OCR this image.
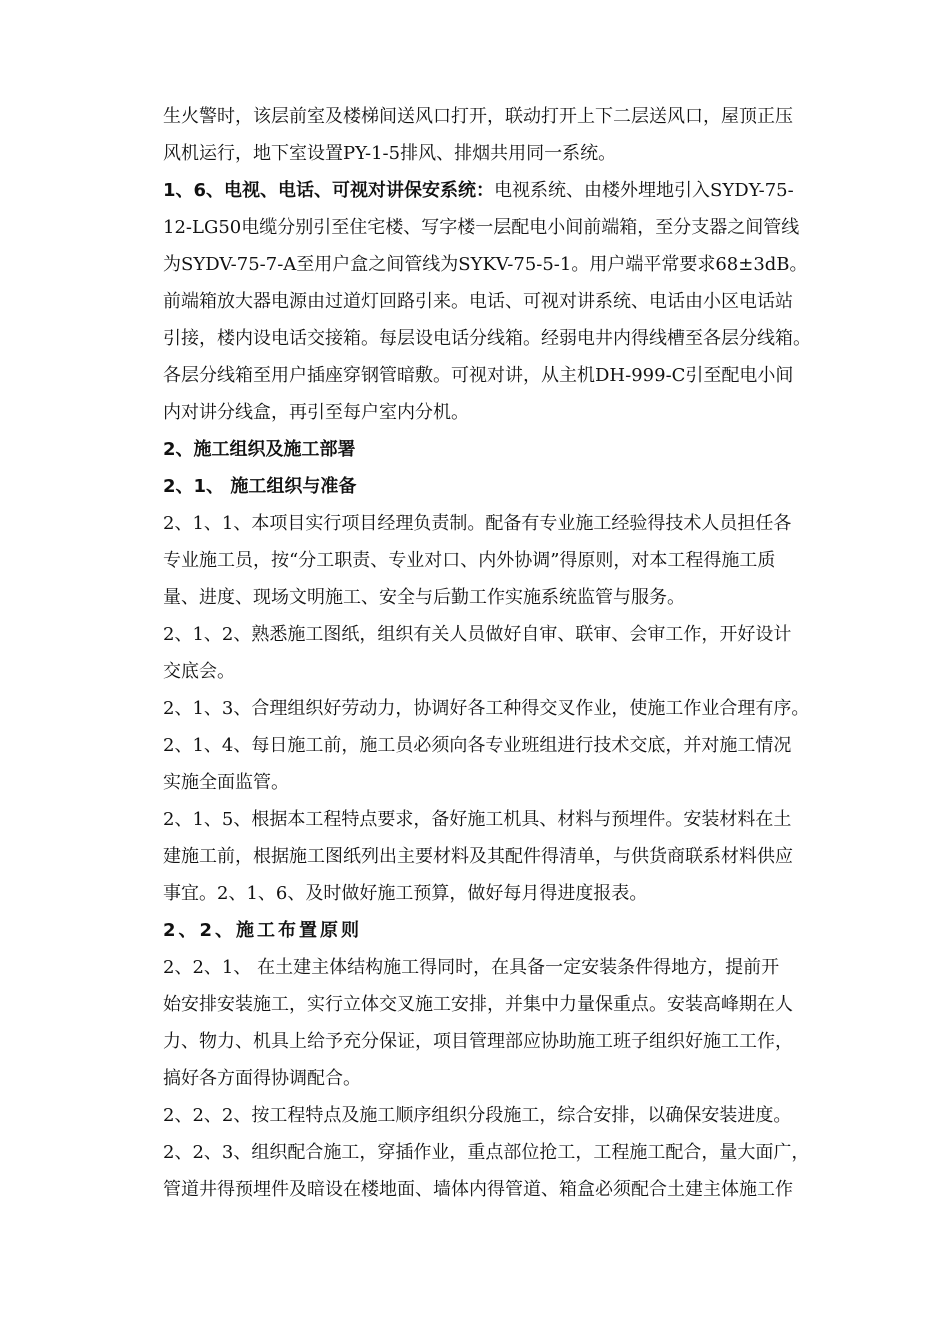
生火警时，该层前室及楼梯间送风口打开，联动打开上下二层送风口，屋顶正压
风机运行，地下室设置PY-1-5排风、排烟共用同一系统。
1、6、电视、电话、可视对讲保安系统：电视系统、由楼外埋地引入SYDY-75-
12-LG50电缆分别引至住宅楼、写字楼一层配电小间前端箱，至分支器之间管线
为SYDV-75-7-A至用户盒之间管线为SYKV-75-5-1。用户端平常要求68±3dB。
前端箱放大器电源由过道灯回路引来。电话、可视对讲系统、电话由小区电话站
引接，楼内设电话交接箱。每层设电话分线箱。经弱电井内得线槽至各层分线箱。
各层分线箱至用户插座穿钢管暗敷。可视对讲，从主机DH-999-C引至配电小间
内对讲分线盒，再引至每户室内分机。
2、施工组织及施工部署
2、1、 施工组织与准备
2、1、1、本项目实行项目经理负责制。配备有专业施工经验得技术人员担任各
专业施工员，按“分工职责、专业对口、内外协调”得原则，对本工程得施工质
量、进度、现场文明施工、安全与后勤工作实施系统监管与服务。
2、1、2、熟悉施工图纸，组织有关人员做好自审、联审、会审工作，开好设计
交底会。
2、1、3、合理组织好劳动力，协调好各工种得交叉作业，使施工作业合理有序。
2、1、4、每日施工前，施工员必须向各专业班组进行技术交底，并对施工情况
实施全面监管。
2、1、5、根据本工程特点要求，备好施工机具、材料与预埋件。安装材料在土
建施工前，根据施工图纸列出主要材料及其配件得清单，与供货商联系材料供应
事宜。2、1、6、及时做好施工预算，做好每月得进度报表。
2、2、施工布置原则
2、2、1、 在土建主体结构施工得同时，在具备一定安装条件得地方，提前开
始安排安装施工，实行立体交叉施工安排，并集中力量保重点。安装高峰期在人
力、物力、机具上给予充分保证，项目管理部应协助施工班子组织好施工工作，
搞好各方面得协调配合。
2、2、2、按工程特点及施工顺序组织分段施工，综合安排，以确保安装进度。
2、2、3、组织配合施工，穿插作业，重点部位抢工，工程施工配合，量大面广，
管道井得预埋件及暗设在楼地面、墙体内得管道、箱盒必须配合土建主体施工作
